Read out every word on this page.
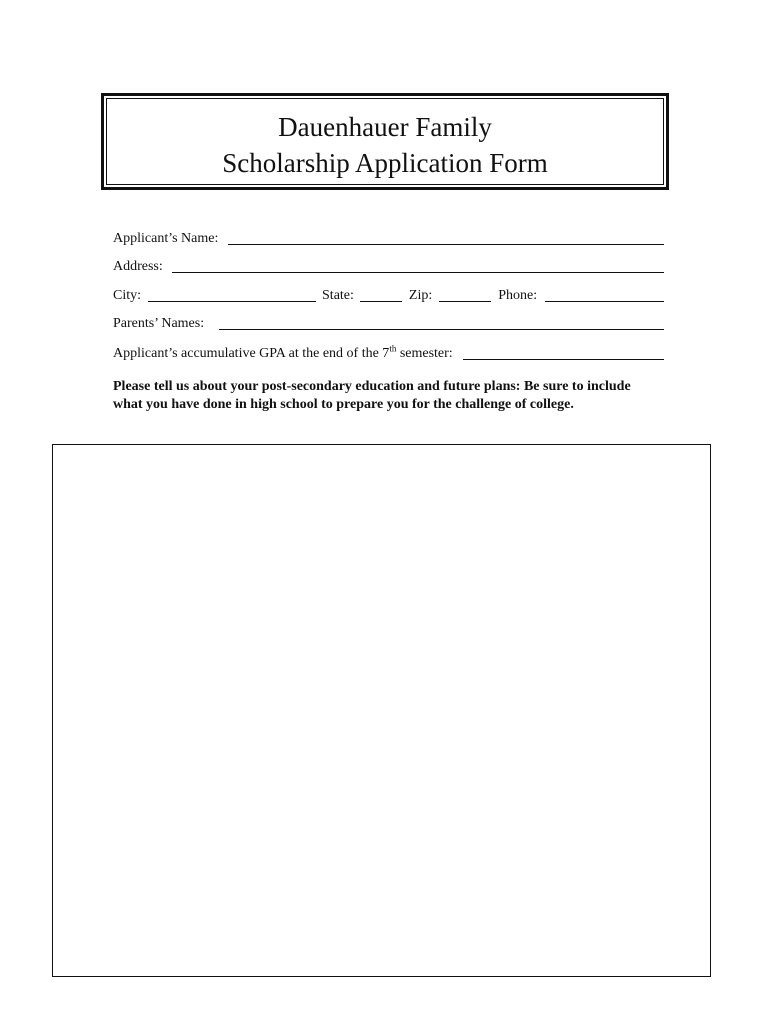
Dauenhauer Family
Scholarship Application Form
Applicant’s Name:
Address:
City:	State:	Zip:	Phone:
Parents’ Names:
Applicant’s accumulative GPA at the end of the 7th semester:
Please tell us about your post-secondary education and future plans: Be sure to include what you have done in high school to prepare you for the challenge of college.
